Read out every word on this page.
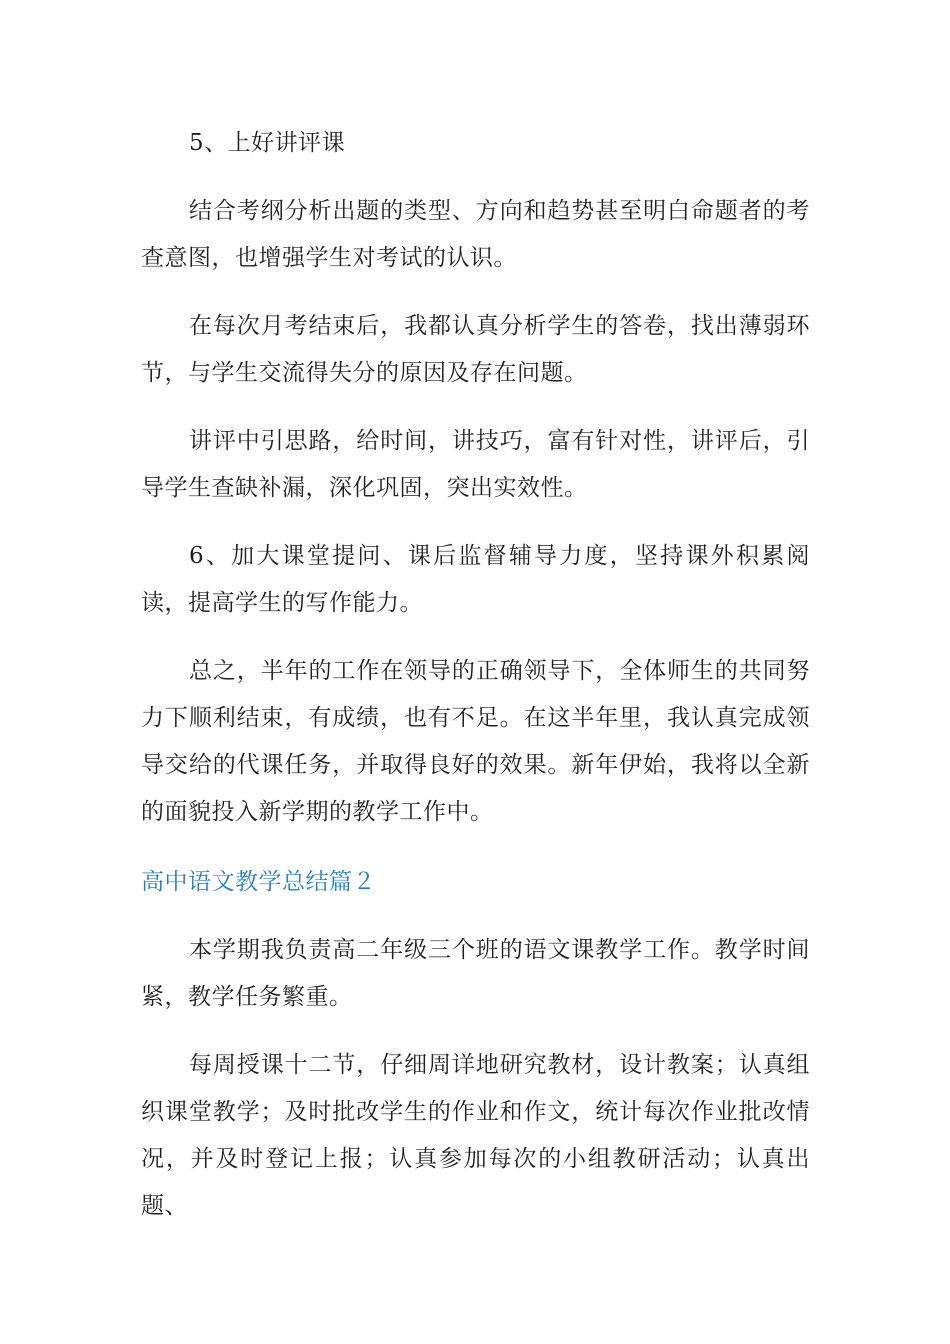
5、上好讲评课

结合考纲分析出题的类型、方向和趋势甚至明白命题者的考查意图，也增强学生对考试的认识。

在每次月考结束后，我都认真分析学生的答卷，找出薄弱环节，与学生交流得失分的原因及存在问题。

讲评中引思路，给时间，讲技巧，富有针对性，讲评后，引导学生查缺补漏，深化巩固，突出实效性。

6、加大课堂提问、课后监督辅导力度，坚持课外积累阅读，提高学生的写作能力。

总之，半年的工作在领导的正确领导下，全体师生的共同努力下顺利结束，有成绩，也有不足。在这半年里，我认真完成领导交给的代课任务，并取得良好的效果。新年伊始，我将以全新的面貌投入新学期的教学工作中。

高中语文教学总结篇２

本学期我负责高二年级三个班的语文课教学工作。教学时间紧，教学任务繁重。

每周授课十二节，仔细周详地研究教材，设计教案；认真组织课堂教学；及时批改学生的作业和作文，统计每次作业批改情况，并及时登记上报；认真参加每次的小组教研活动；认真出题、
